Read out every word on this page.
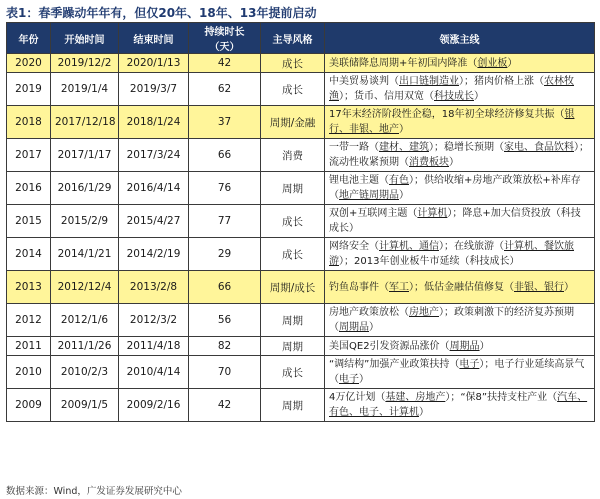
表1：春季躁动年年有，但仅20年、18年、13年提前启动
年份	开始时间	结束时间	持续时长（天）	主导风格	领涨主线
2020	2019/12/2	2020/1/13	42	成长	美联储降息周期+年初国内降准（创业板）
2019	2019/1/4	2019/3/7	62	成长	中美贸易谈判（出口链制造业）；猪肉价格上涨（农林牧渔）；货币、信用双宽（科技成长）
2018	2017/12/18	2018/1/24	37	周期/金融	17年末经济阶段性企稳，18年初全球经济修复共振（银行、非银、地产）
2017	2017/1/17	2017/3/24	66	消费	一带一路（建材、建筑）；稳增长预期（家电、食品饮料）；流动性收紧预期（消费板块）
2016	2016/1/29	2016/4/14	76	周期	锂电池主题（有色）；供给收缩+房地产政策放松+补库存（地产链周期品）
2015	2015/2/9	2015/4/27	77	成长	双创+互联网主题（计算机）；降息+加大信贷投放（科技成长）
2014	2014/1/21	2014/2/19	29	成长	网络安全（计算机、通信）；在线旅游（计算机、餐饮旅游）；2013年创业板牛市延续（科技成长）
2013	2012/12/4	2013/2/8	66	周期/成长	钓鱼岛事件（军工）；低估金融估值修复（非银、银行）
2012	2012/1/6	2012/3/2	56	周期	房地产政策放松（房地产）；政策刺激下的经济复苏预期（周期品）
2011	2011/1/26	2011/4/18	82	周期	美国QE2引发资源品涨价（周期品）
2010	2010/2/3	2010/4/14	70	成长	“调结构”加强产业政策扶持（电子）；电子行业延续高景气（电子）
2009	2009/1/5	2009/2/16	42	周期	4万亿计划（基建、房地产）；“保8”扶持支柱产业（汽车、有色、电子、计算机）
数据来源：Wind，广发证券发展研究中心
